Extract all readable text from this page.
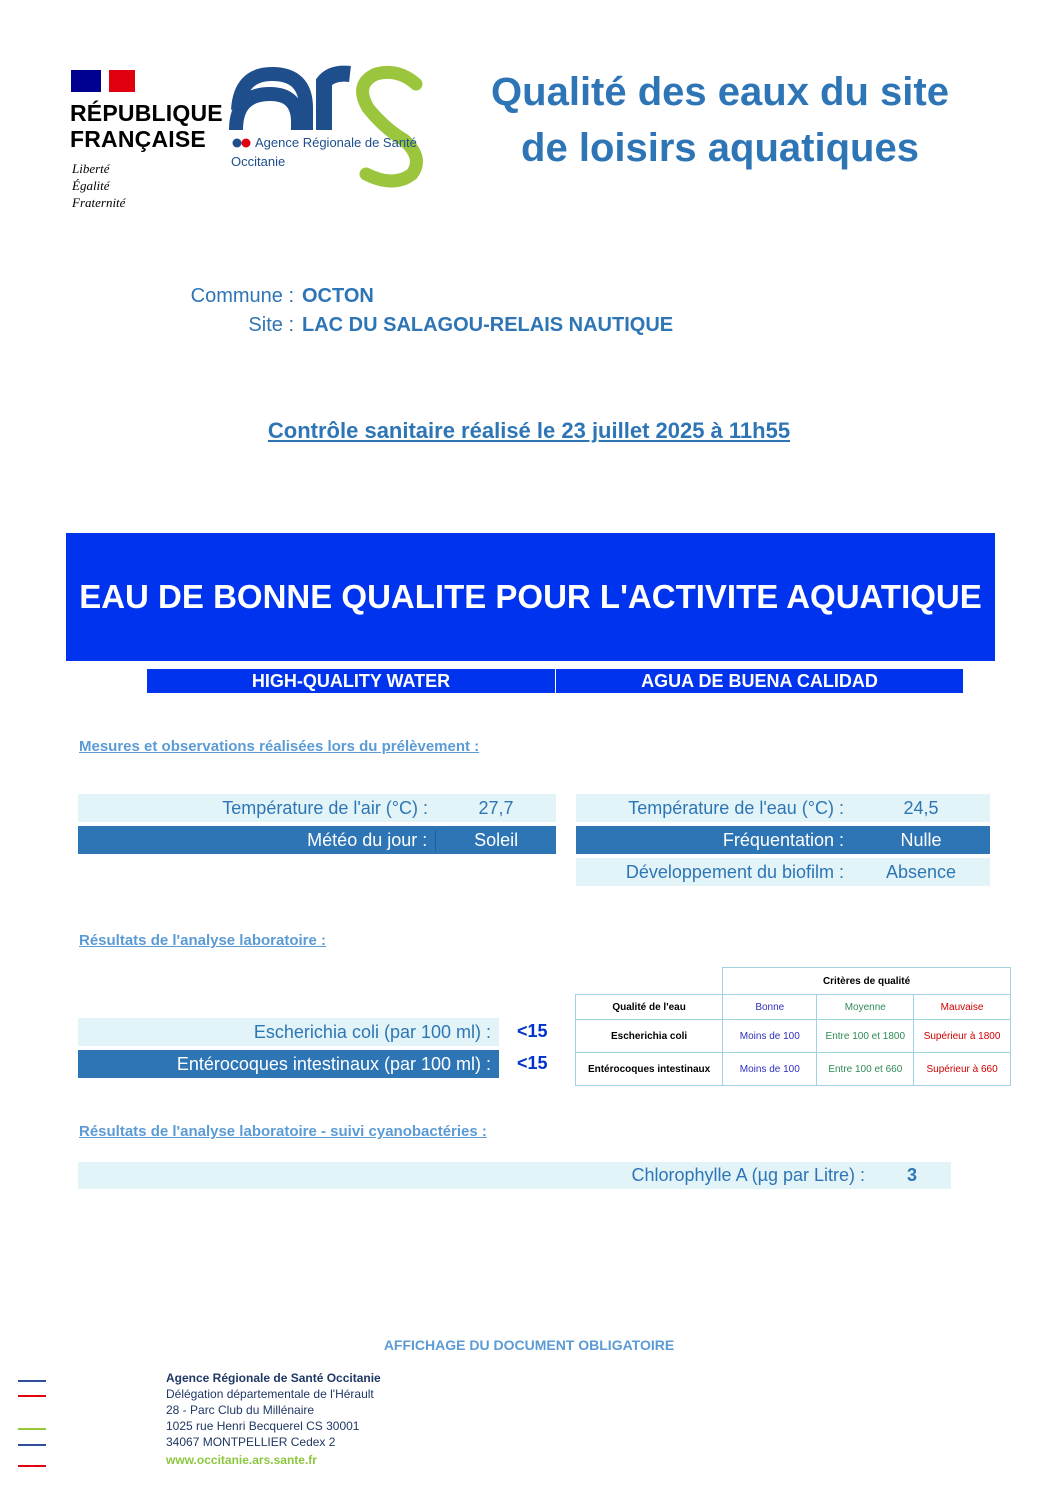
RÉPUBLIQUE
FRANÇAISE
Liberté
Égalité
Fraternité
Agence Régionale de Santé
Occitanie
Qualité des eaux du site
de loisirs aquatiques
Commune : OCTON
Site : LAC DU SALAGOU-RELAIS NAUTIQUE
Contrôle sanitaire réalisé le 23 juillet 2025 à 11h55
EAU DE BONNE QUALITE POUR L'ACTIVITE AQUATIQUE
HIGH-QUALITY WATER	AGUA DE BUENA CALIDAD
Mesures et observations réalisées lors du prélèvement :
Température de l'air (°C) :	27,7
Météo du jour :	Soleil
Température de l'eau (°C) :	24,5
Fréquentation :	Nulle
Développement du biofilm :	Absence
Résultats de l'analyse laboratoire :
Escherichia coli (par 100 ml) :	<15
Entérocoques intestinaux (par 100 ml) :	<15
	Critères de qualité		
Qualité de l'eau	Bonne	Moyenne	Mauvaise
Escherichia coli	Moins de 100	Entre 100 et 1800	Supérieur à 1800
Entérocoques intestinaux	Moins de 100	Entre 100 et 660	Supérieur à 660
Résultats de l'analyse laboratoire - suivi cyanobactéries :
Chlorophylle A (µg par Litre) :	3
AFFICHAGE DU DOCUMENT OBLIGATOIRE
Agence Régionale de Santé Occitanie
Délégation départementale de l'Hérault
28 - Parc Club du Millénaire
1025 rue Henri Becquerel CS 30001
34067 MONTPELLIER Cedex 2
www.occitanie.ars.sante.fr
